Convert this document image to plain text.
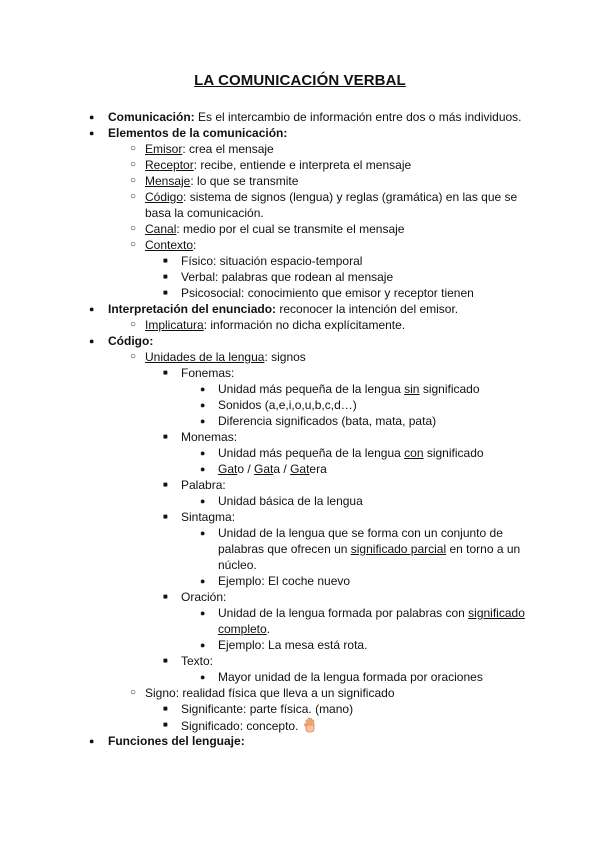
LA COMUNICACIÓN VERBAL
● Comunicación: Es el intercambio de información entre dos o más individuos.
● Elementos de la comunicación:
○ Emisor: crea el mensaje
○ Receptor: recibe, entiende e interpreta el mensaje
○ Mensaje: lo que se transmite
○ Código: sistema de signos (lengua) y reglas (gramática) en las que se basa la comunicación.
○ Canal: medio por el cual se transmite el mensaje
○ Contexto:
■ Físico: situación espacio-temporal
■ Verbal: palabras que rodean al mensaje
■ Psicosocial: conocimiento que emisor y receptor tienen
● Interpretación del enunciado: reconocer la intención del emisor.
○ Implicatura: información no dicha explícitamente.
● Código:
○ Unidades de la lengua: signos
■ Fonemas:
● Unidad más pequeña de la lengua sin significado
● Sonidos (a,e,i,o,u,b,c,d…)
● Diferencia significados (bata, mata, pata)
■ Monemas:
● Unidad más pequeña de la lengua con significado
● Gato / Gata / Gatera
■ Palabra:
● Unidad básica de la lengua
■ Sintagma:
● Unidad de la lengua que se forma con un conjunto de palabras que ofrecen un significado parcial en torno a un núcleo.
● Ejemplo: El coche nuevo
■ Oración:
● Unidad de la lengua formada por palabras con significado completo.
● Ejemplo: La mesa está rota.
■ Texto:
● Mayor unidad de la lengua formada por oraciones
○ Signo: realidad física que lleva a un significado
■ Significante: parte física. (mano)
■ Significado: concepto.
● Funciones del lenguaje:
